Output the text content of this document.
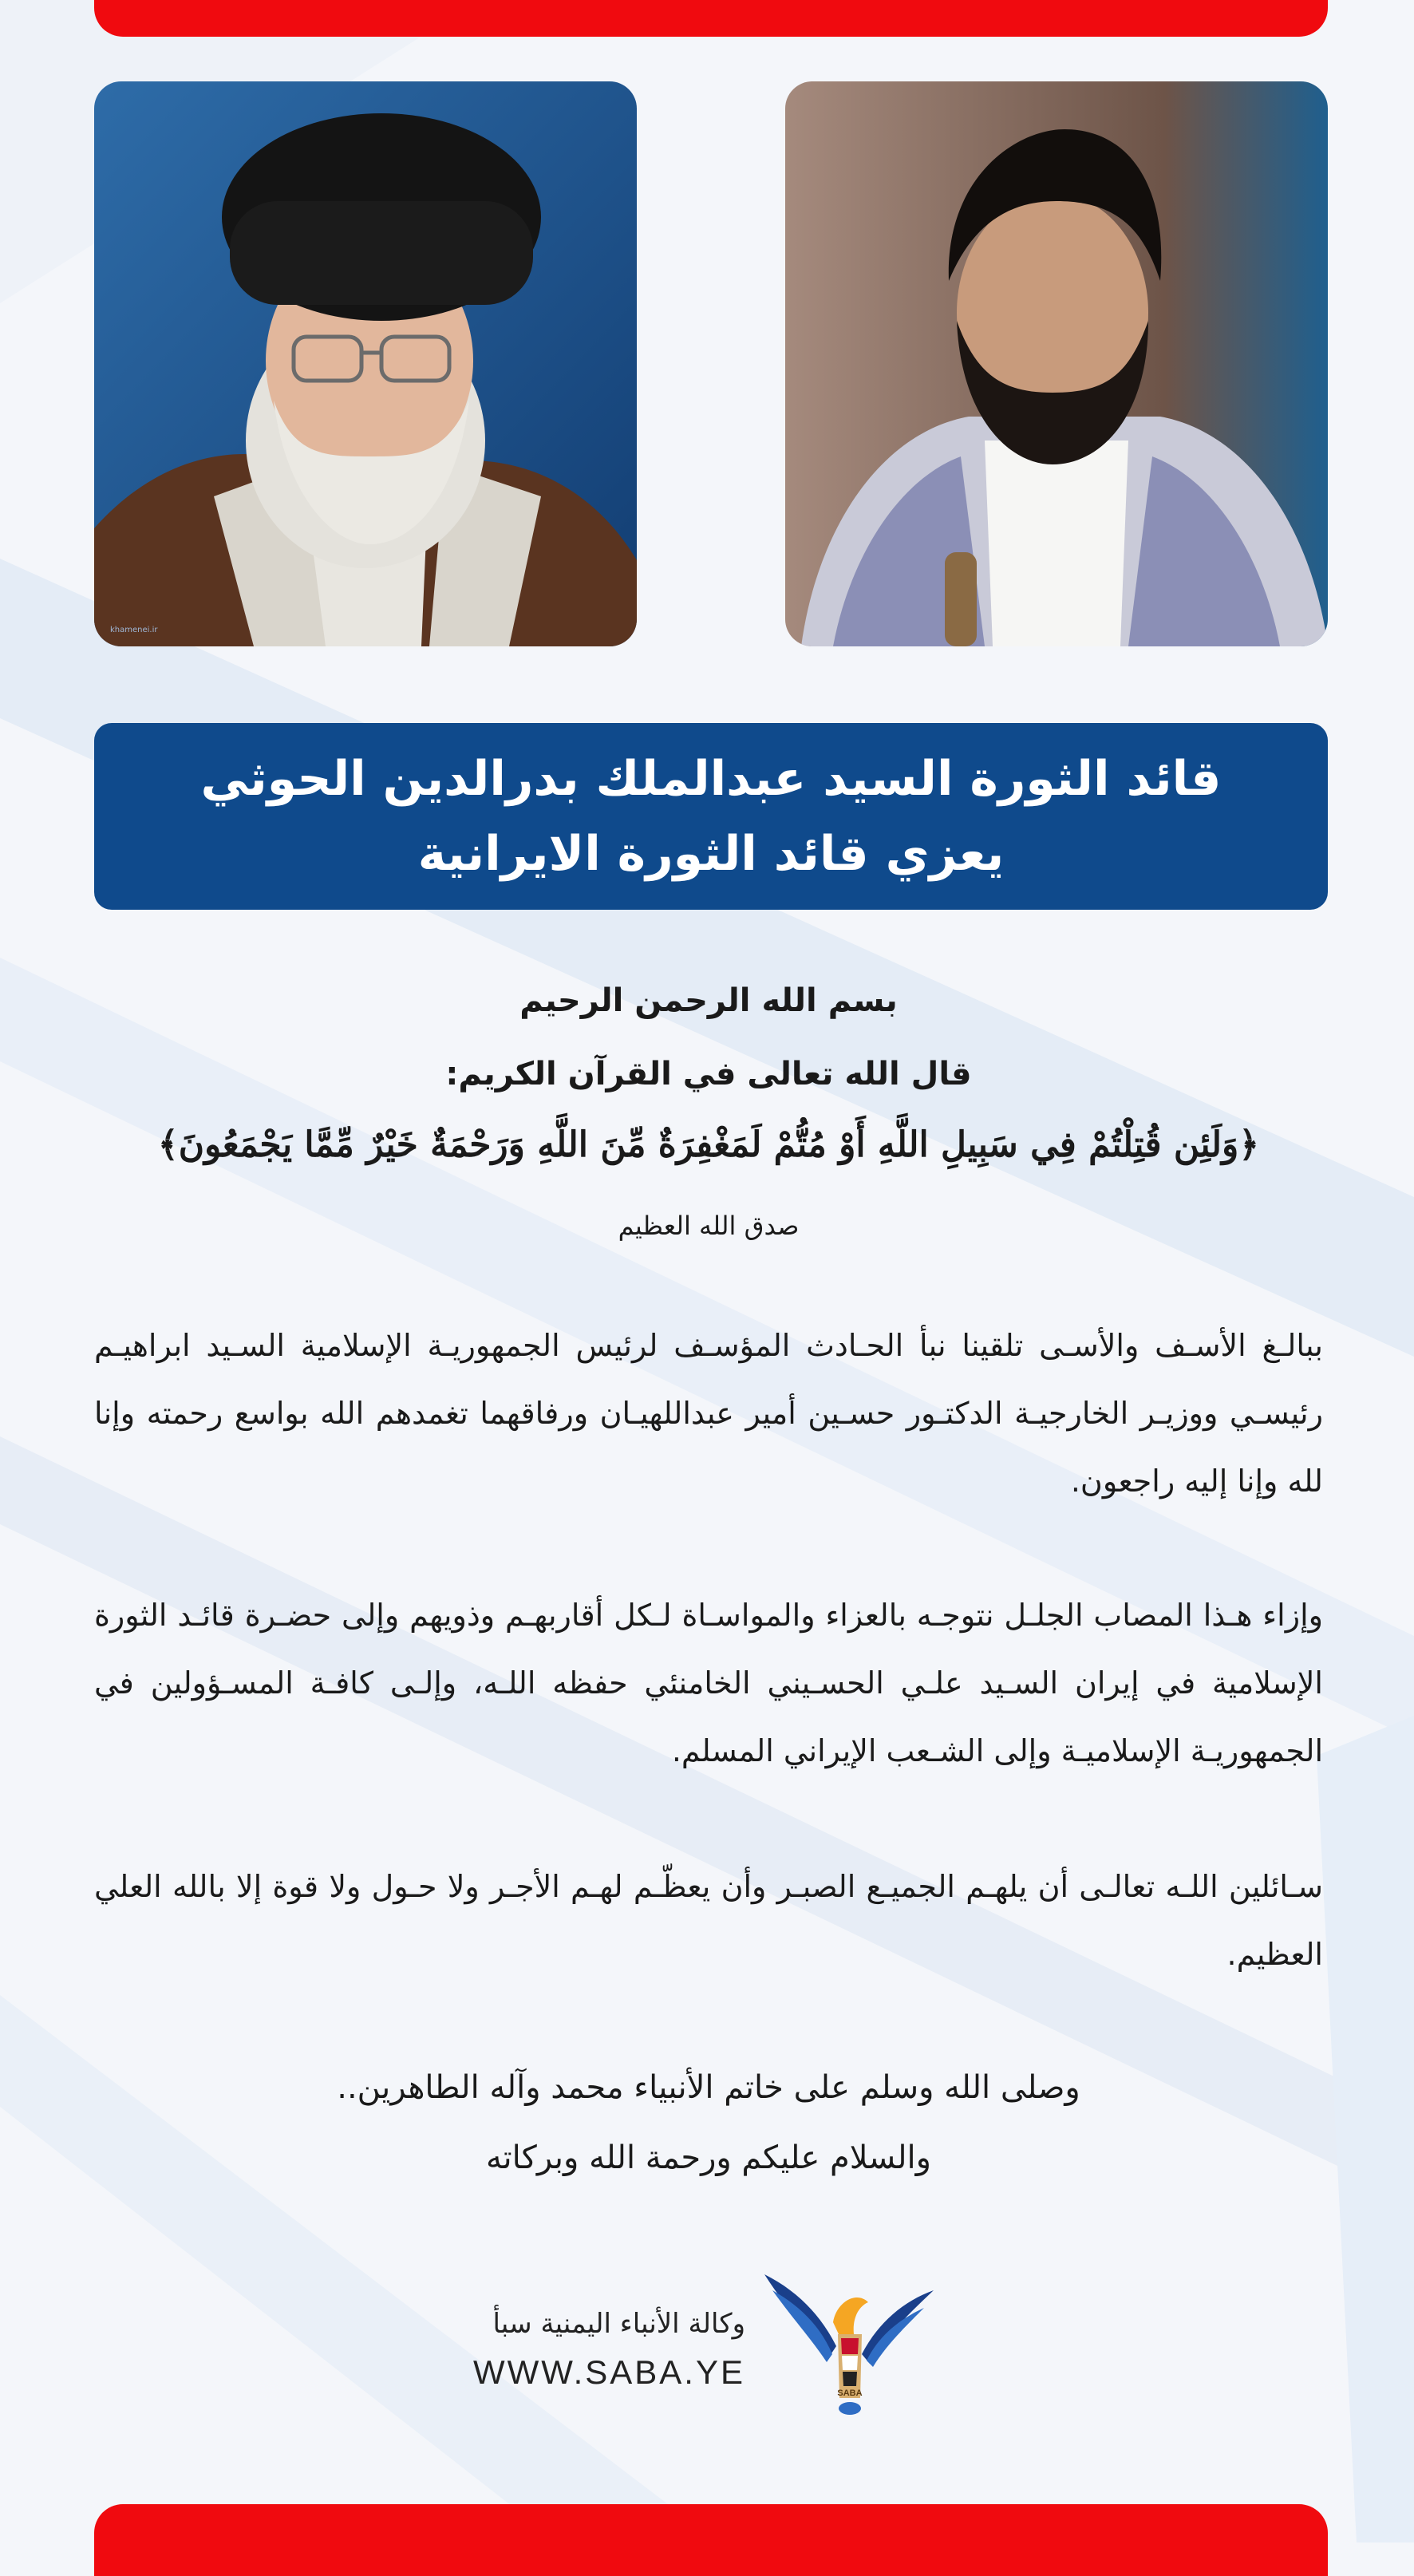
khamenei.ir
قائد الثورة السيد عبدالملك بدرالدين الحوثي
يعزي قائد الثورة الايرانية
بسم الله الرحمن الرحيم
قال الله تعالى في القرآن الكريم:
﴿وَلَئِن قُتِلْتُمْ فِي سَبِيلِ اللَّهِ أَوْ مُتُّمْ لَمَغْفِرَةٌ مِّنَ اللَّهِ وَرَحْمَةٌ خَيْرٌ مِّمَّا يَجْمَعُونَ﴾
صدق الله العظيم
ببالـغ الأسـف والأسـى تلقينا نبأ الحـادث المؤسـف لرئيس الجمهوريـة الإسلامية السـيد ابراهيـم رئيسـي ووزيـر الخارجيـة الدكتـور حسـين أمير عبداللهيـان ورفاقهما تغمدهم الله بواسع رحمته وإنا لله وإنا إليه راجعون.
وإزاء هـذا المصاب الجلـل نتوجـه بالعزاء والمواسـاة لـكل أقاربهـم وذويهم وإلى حضـرة قائـد الثورة الإسلامية في إيران السـيد علـي الحسـيني الخامنئي حفظه اللـه، وإلـى كافـة المسـؤولين في الجمهوريـة الإسلاميـة وإلى الشـعب الإيراني المسلم.
سـائلين اللـه تعالـى أن يلهـم الجميـع الصبـر وأن يعظّـم لهـم الأجـر ولا حـول ولا قوة إلا بالله العلي العظيم.
وصلى الله وسلم على خاتم الأنبياء محمد وآله الطاهرين..
والسلام عليكم ورحمة الله وبركاته
وكالة الأنباء اليمنية سبأ
WWW.SABA.YE
SABA
